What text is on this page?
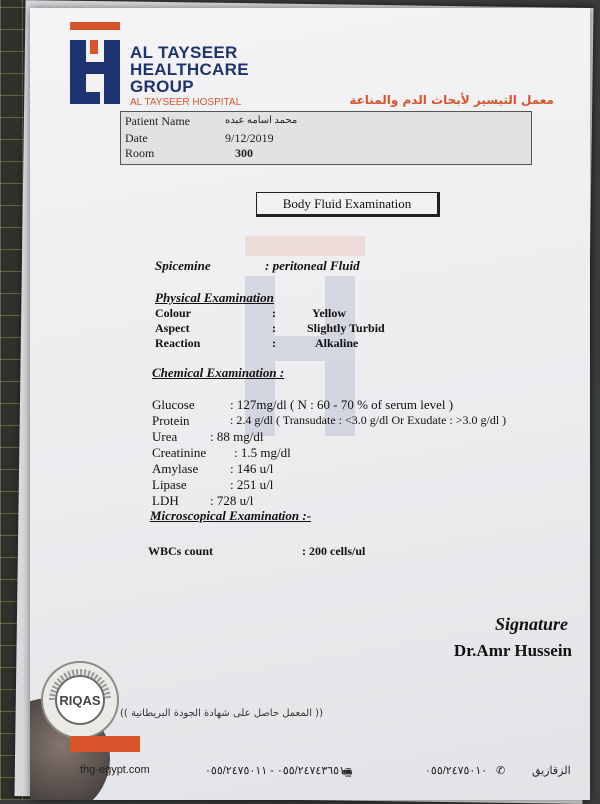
AL TAYSEER
HEALTHCARE
GROUP
AL TAYSEER HOSPITAL	معمل التيسير لأبحاث الدم والمناعة
Patient Name	محمد اسامه عبده
Date	9/12/2019
Room	300
Body Fluid Examination
Spicemine	: peritoneal Fluid
Physical Examination
Colour	:	Yellow
Aspect	:	Slightly Turbid
Reaction	:	Alkaline
Chemical Examination :
Glucose	: 127mg/dl ( N : 60 - 70 % of serum level )
Protein	: 2.4 g/dl ( Transudate : <3.0 g/dl Or Exudate : >3.0 g/dl )
Urea	: 88 mg/dl
Creatinine : 1.5 mg/dl
Amylase : 146 u/l
Lipase	: 251 u/l
LDH : 728 u/l
Microscopical Examination :-
WBCs count	: 200 cells/ul
Signature
Dr.Amr Hussein
RIQAS
(( المعمل حاصل على شهادة الجودة البريطانية ))
thg-egypt.com	٠٥٥/٢٤٧٤٣٦٥١ - ٠٥٥/٢٤٧٥٠١١
🖷	٠٥٥/٢٤٧٥٠١٠ ✆ الزقازيق
